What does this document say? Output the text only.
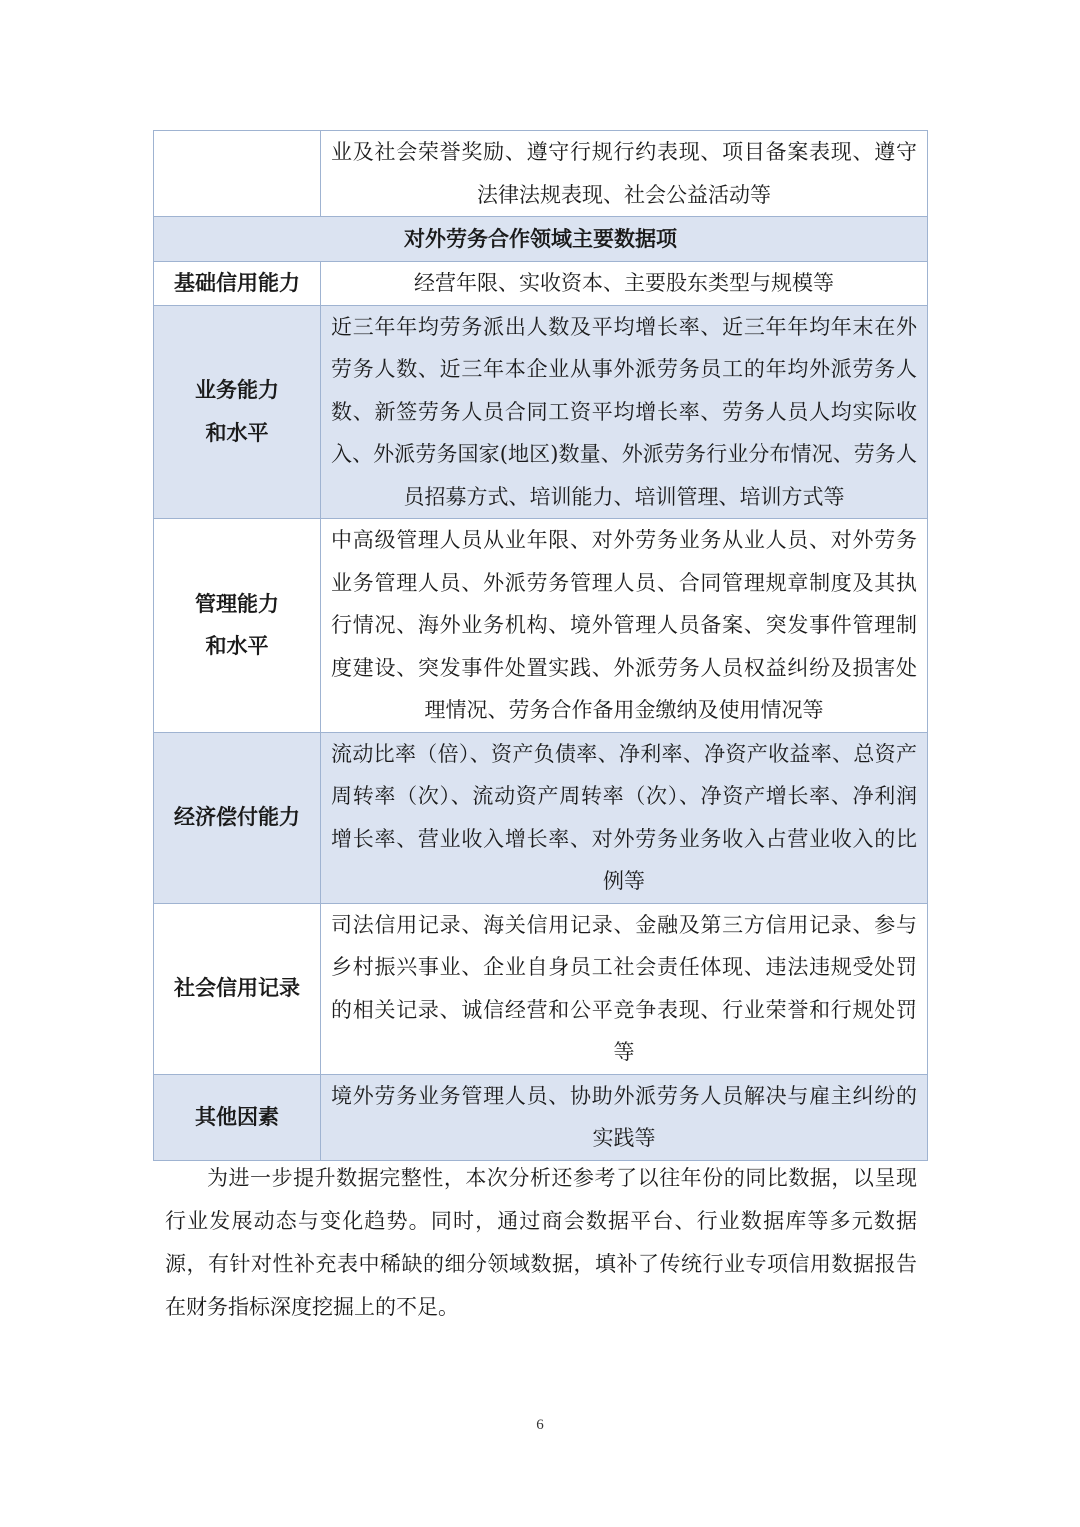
	业及社会荣誉奖励、遵守行规行约表现、项目备案表现、遵守法律法规表现、社会公益活动等
对外劳务合作领域主要数据项	
基础信用能力	经营年限、实收资本、主要股东类型与规模等

业务能力
和水平	近三年年均劳务派出人数及平均增长率、近三年年均年末在外劳务人数、近三年本企业从事外派劳务员工的年均外派劳务人数、新签劳务人员合同工资平均增长率、劳务人员人均实际收入、外派劳务国家(地区)数量、外派劳务行业分布情况、劳务人员招募方式、培训能力、培训管理、培训方式等

管理能力
和水平	中高级管理人员从业年限、对外劳务业务从业人员、对外劳务业务管理人员、外派劳务管理人员、合同管理规章制度及其执行情况、海外业务机构、境外管理人员备案、突发事件管理制度建设、突发事件处置实践、外派劳务人员权益纠纷及损害处理情况、劳务合作备用金缴纳及使用情况等
经济偿付能力	流动比率（倍）、资产负债率、净利率、净资产收益率、总资产周转率（次）、流动资产周转率（次）、净资产增长率、净利润增长率、营业收入增长率、对外劳务业务收入占营业收入的比例等
社会信用记录	司法信用记录、海关信用记录、金融及第三方信用记录、参与乡村振兴事业、企业自身员工社会责任体现、违法违规受处罚的相关记录、诚信经营和公平竞争表现、行业荣誉和行规处罚等
其他因素	境外劳务业务管理人员、协助外派劳务人员解决与雇主纠纷的实践等

为进一步提升数据完整性，本次分析还参考了以往年份的同比数据，以呈现行业发展动态与变化趋势。同时，通过商会数据平台、行业数据库等多元数据源，有针对性补充表中稀缺的细分领域数据，填补了传统行业专项信用数据报告在财务指标深度挖掘上的不足。

6
